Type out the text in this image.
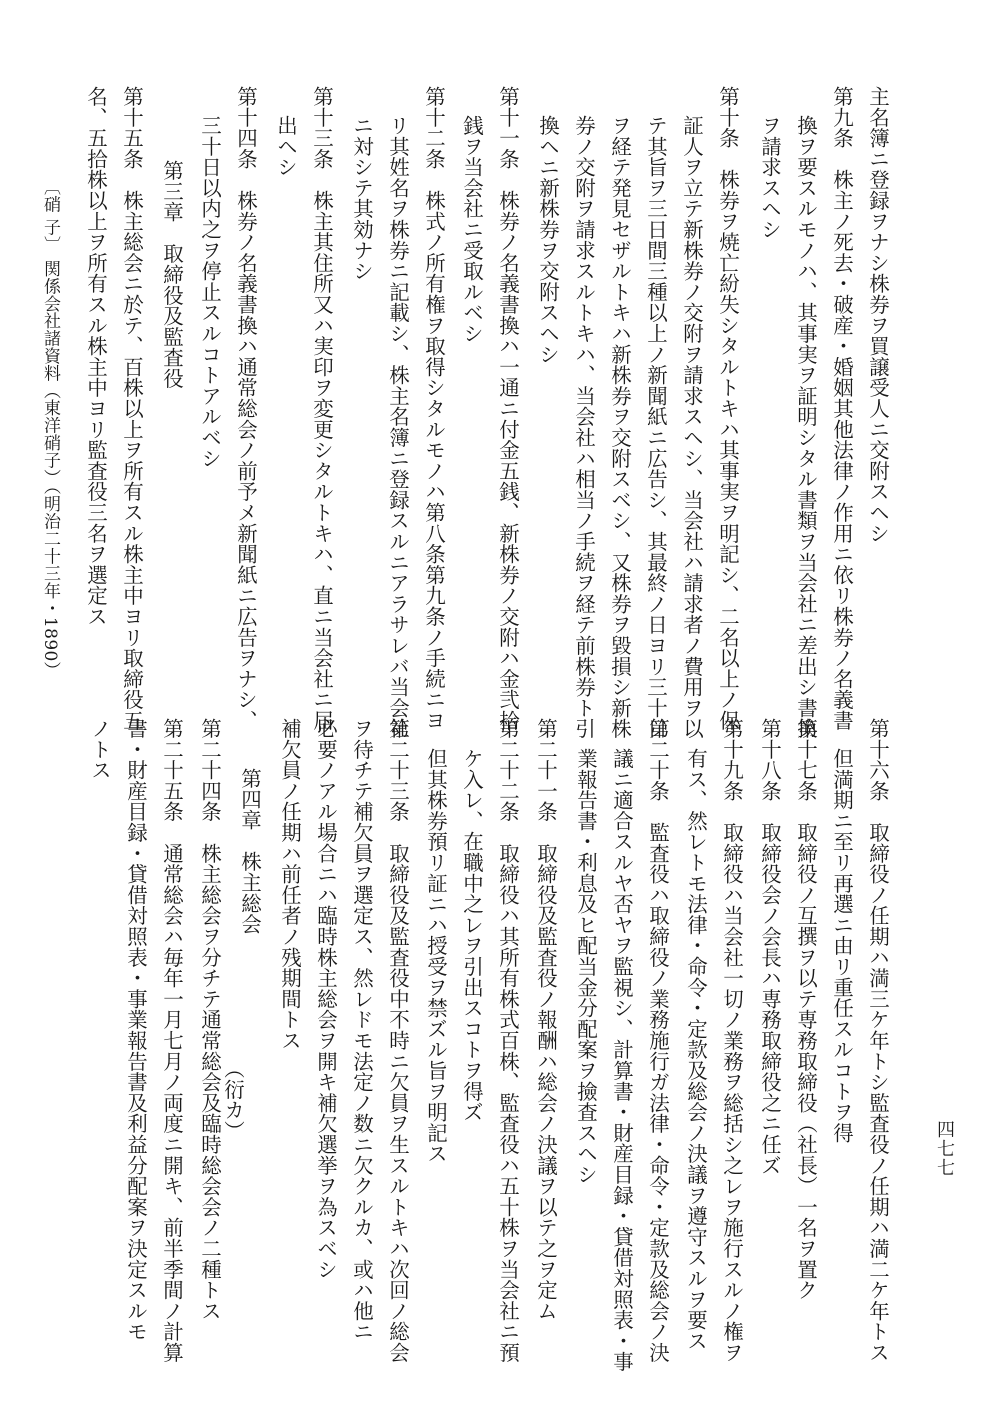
主名簿ニ登録ヲナシ株券ヲ買譲受人ニ交附スヘシ
第九条　株主ノ死去・破産・婚姻其他法律ノ作用ニ依リ株券ノ名義書
換ヲ要スルモノハ、其事実ヲ証明シタル書類ヲ当会社ニ差出シ書換
ヲ請求スヘシ
第十条　株券ヲ焼亡紛失シタルトキハ其事実ヲ明記シ、二名以上ノ保
証人ヲ立テ新株券ノ交附ヲ請求スヘシ、当会社ハ請求者ノ費用ヲ以
テ其旨ヲ三日間三種以上ノ新聞紙ニ広告シ、其最終ノ日ヨリ三十日
ヲ経テ発見セザルトキハ新株券ヲ交附スベシ、又株券ヲ毀損シ新株
券ノ交附ヲ請求スルトキハ、当会社ハ相当ノ手続ヲ経テ前株券ト引
換ヘニ新株券ヲ交附スヘシ
第十一条　株券ノ名義書換ハ一通ニ付金五銭、新株券ノ交附ハ金弐拾
銭ヲ当会社ニ受取ルベシ
第十二条　株式ノ所有権ヲ取得シタルモノハ第八条第九条ノ手続ニヨ
リ其姓名ヲ株券ニ記載シ、株主名簿ニ登録スルニアラサレバ当会社
ニ対シテ其効ナシ
第十三条　株主其住所又ハ実印ヲ変更シタルトキハ、直ニ当会社ニ届
出ヘシ
第十四条　株券ノ名義書換ハ通常総会ノ前予メ新聞紙ニ広告ヲナシ、
三十日以内之ヲ停止スルコトアルベシ
第三章　取締役及監査役
第十五条　株主総会ニ於テ、百株以上ヲ所有スル株主中ヨリ取締役五
名、五拾株以上ヲ所有スル株主中ヨリ監査役三名ヲ選定ス
〔硝 子〕
関係会社諸資料（東洋硝子）（明治二十三年・1890）
第十六条　取締役ノ任期ハ満三ケ年トシ監査役ノ任期ハ満二ケ年トス
但満期ニ至リ再選ニ由リ重任スルコトヲ得
第十七条　取締役ノ互撰ヲ以テ専務取締役（社長）一名ヲ置ク
第十八条　取締役会ノ会長ハ専務取締役之ニ任ズ
第十九条　取締役ハ当会社一切ノ業務ヲ総括シ之レヲ施行スルノ権ヲ
有ス、然レトモ法律・命令・定款及総会ノ決議ヲ遵守スルヲ要ス
第二十条　監査役ハ取締役ノ業務施行ガ法律・命令・定款及総会ノ決
議ニ適合スルヤ否ヤヲ監視シ、計算書・財産目録・貸借対照表・事
業報告書・利息及ヒ配当金分配案ヲ撿査スヘシ
第二十一条　取締役及監査役ノ報酬ハ総会ノ決議ヲ以テ之ヲ定ム
第二十二条　取締役ハ其所有株式百株、監査役ハ五十株ヲ当会社ニ預
ケ入レ、在職中之レヲ引出スコトヲ得ズ
但其株券預リ証ニハ授受ヲ禁ズル旨ヲ明記ス
第二十三条　取締役及監査役中不時ニ欠員ヲ生スルトキハ次回ノ総会
ヲ待チテ補欠員ヲ選定ス、然レドモ法定ノ数ニ欠クルカ、或ハ他ニ
必要ノアル場合ニハ臨時株主総会ヲ開キ補欠選挙ヲ為スベシ
補欠員ノ任期ハ前任者ノ残期間トス
第四章　株主総会
第二十四条　株主総会ヲ分チテ通常総会及臨時総会会ノ二種トス （衍カ）
第二十五条　通常総会ハ毎年一月七月ノ両度ニ開キ、前半季間ノ計算
書・財産目録・貸借対照表・事業報告書及利益分配案ヲ決定スルモ
ノトス
四七七
